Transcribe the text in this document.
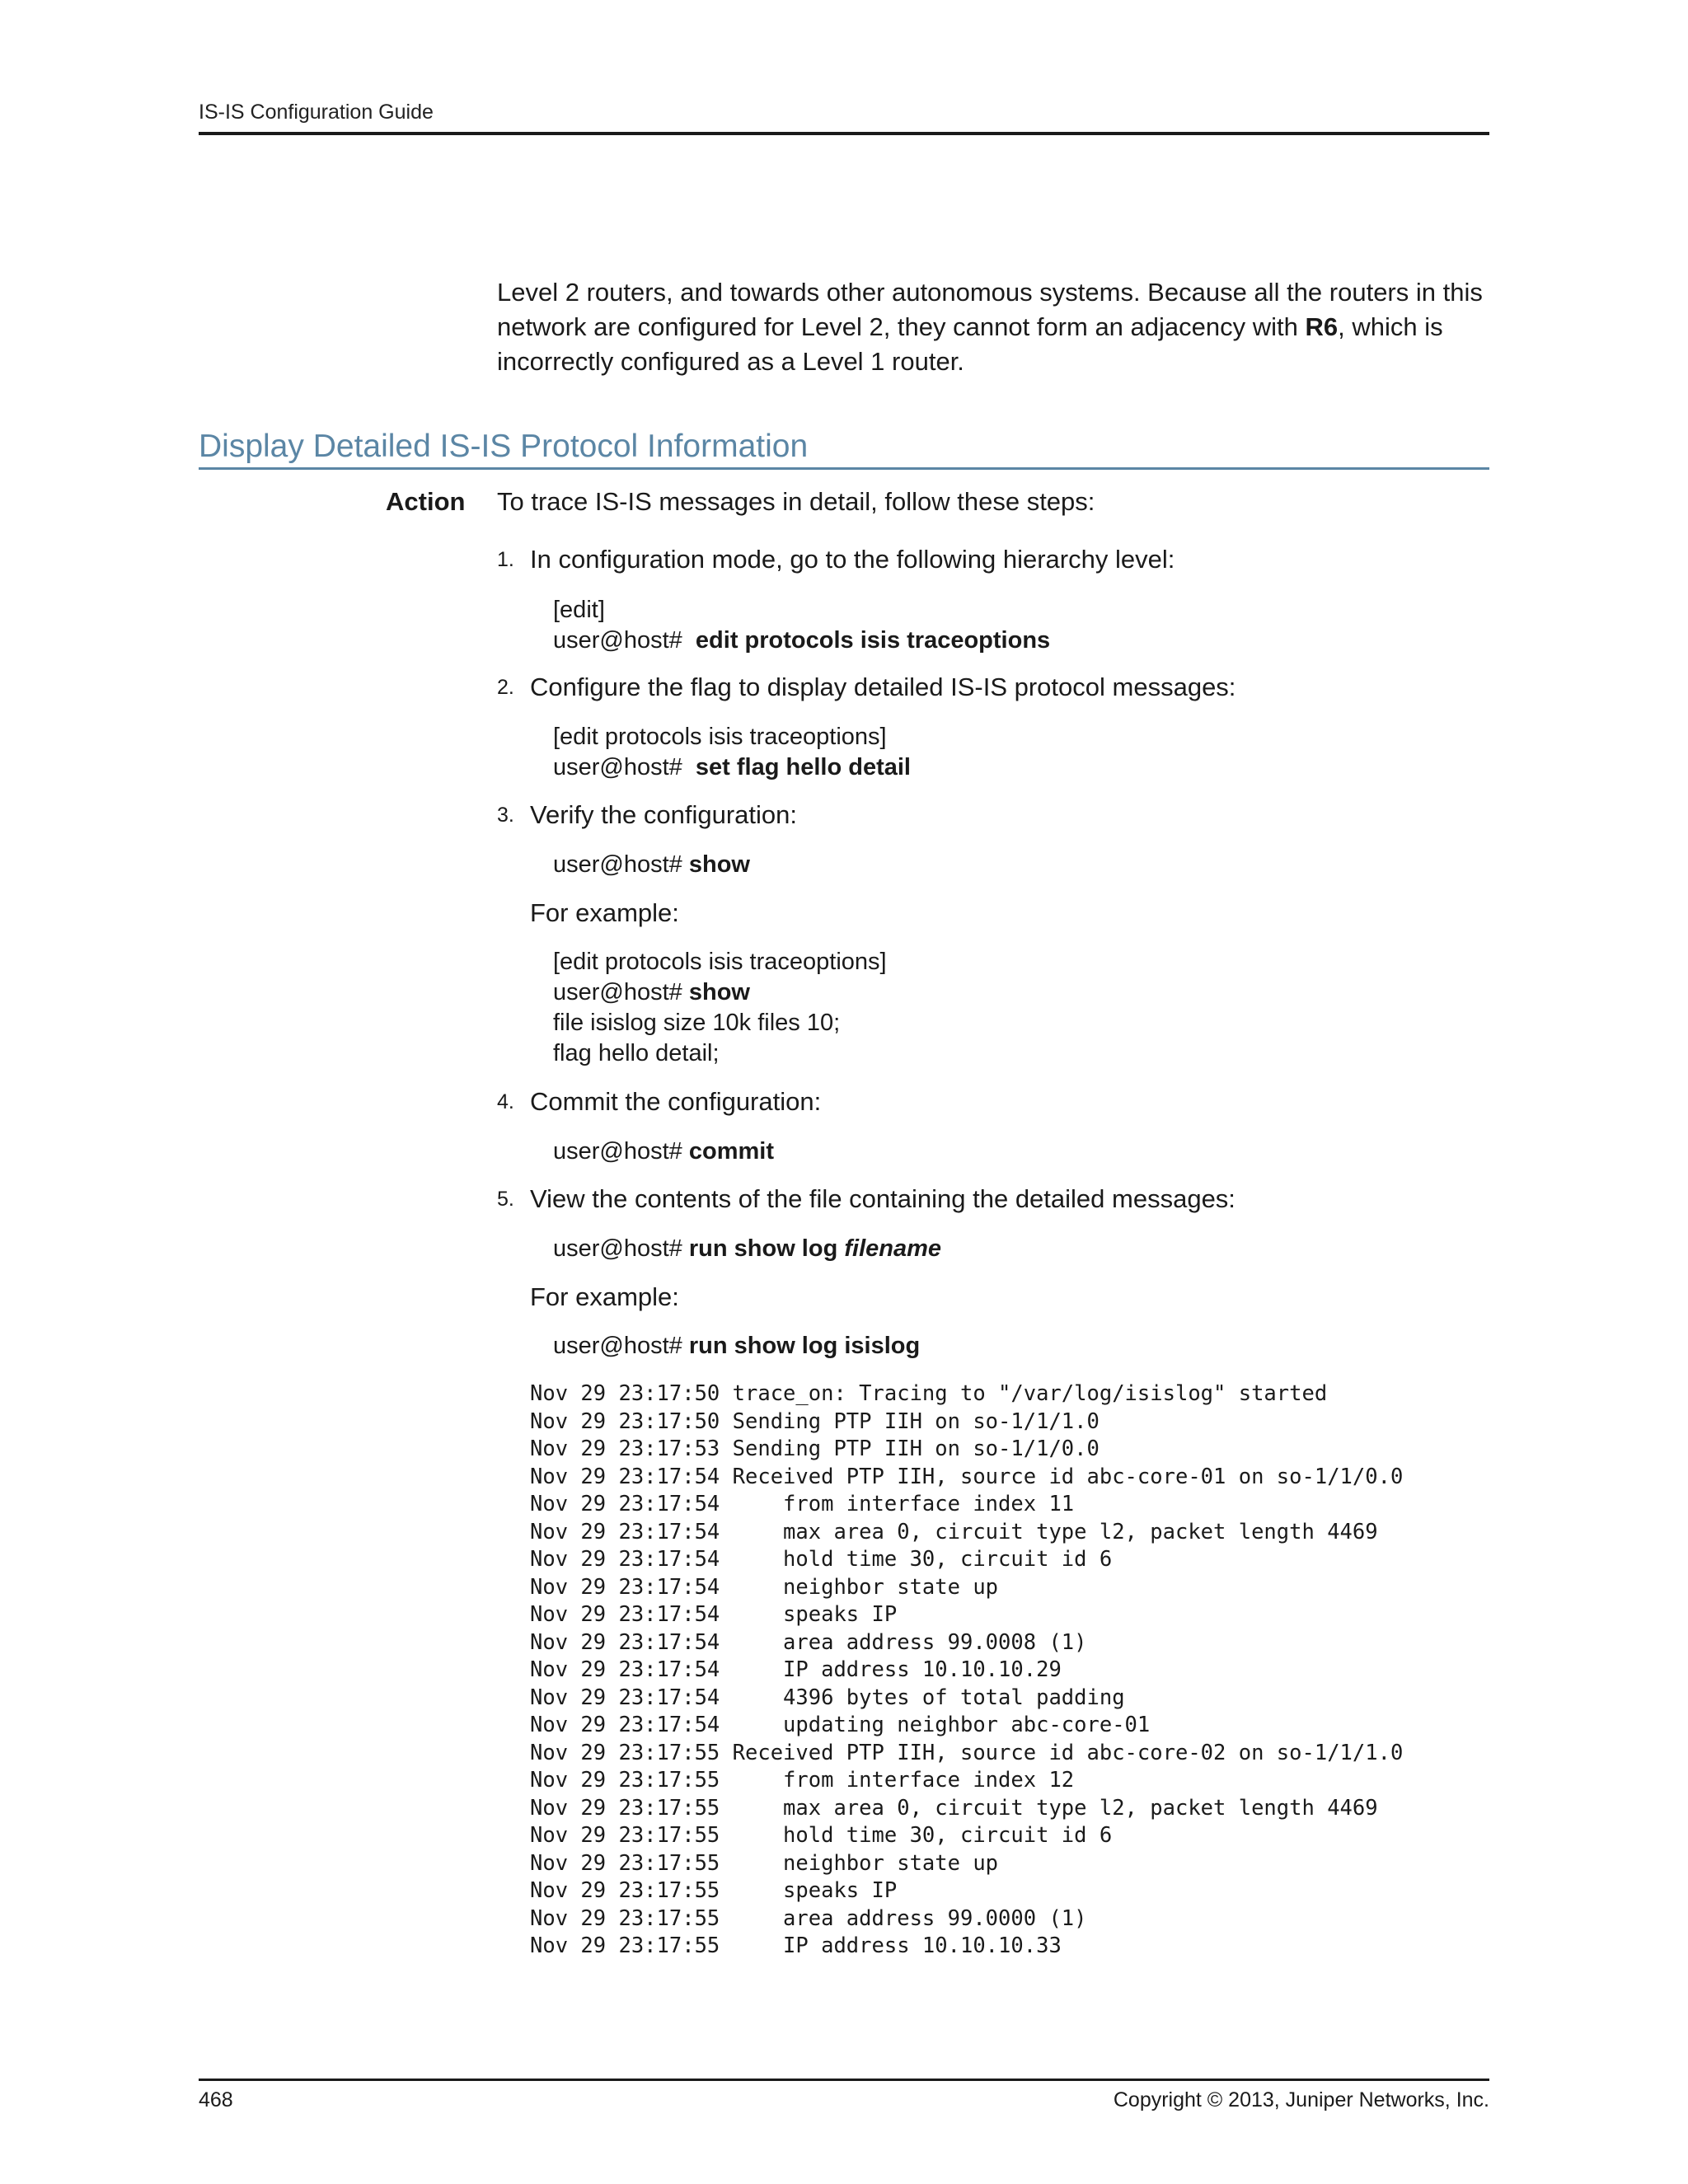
IS-IS Configuration Guide
Level 2 routers, and towards other autonomous systems. Because all the routers in this network are configured for Level 2, they cannot form an adjacency with R6, which is incorrectly configured as a Level 1 router.
Display Detailed IS-IS Protocol Information
Action To trace IS-IS messages in detail, follow these steps:
1. In configuration mode, go to the following hierarchy level:
[edit]
user@host# edit protocols isis traceoptions
2. Configure the flag to display detailed IS-IS protocol messages:
[edit protocols isis traceoptions]
user@host# set flag hello detail
3. Verify the configuration:
user@host# show
For example:
[edit protocols isis traceoptions]
user@host# show
file isislog size 10k files 10;
flag hello detail;
4. Commit the configuration:
user@host# commit
5. View the contents of the file containing the detailed messages:
user@host# run show log filename
For example:
user@host# run show log isislog
Nov 29 23:17:50 trace_on: Tracing to "/var/log/isislog" started
Nov 29 23:17:50 Sending PTP IIH on so-1/1/1.0
Nov 29 23:17:53 Sending PTP IIH on so-1/1/0.0
Nov 29 23:17:54 Received PTP IIH, source id abc-core-01 on so-1/1/0.0
Nov 29 23:17:54     from interface index 11
Nov 29 23:17:54     max area 0, circuit type l2, packet length 4469
Nov 29 23:17:54     hold time 30, circuit id 6
Nov 29 23:17:54     neighbor state up
Nov 29 23:17:54     speaks IP
Nov 29 23:17:54     area address 99.0008 (1)
Nov 29 23:17:54     IP address 10.10.10.29
Nov 29 23:17:54     4396 bytes of total padding
Nov 29 23:17:54     updating neighbor abc-core-01
Nov 29 23:17:55 Received PTP IIH, source id abc-core-02 on so-1/1/1.0
Nov 29 23:17:55     from interface index 12
Nov 29 23:17:55     max area 0, circuit type l2, packet length 4469
Nov 29 23:17:55     hold time 30, circuit id 6
Nov 29 23:17:55     neighbor state up
Nov 29 23:17:55     speaks IP
Nov 29 23:17:55     area address 99.0000 (1)
Nov 29 23:17:55     IP address 10.10.10.33
468	Copyright © 2013, Juniper Networks, Inc.
